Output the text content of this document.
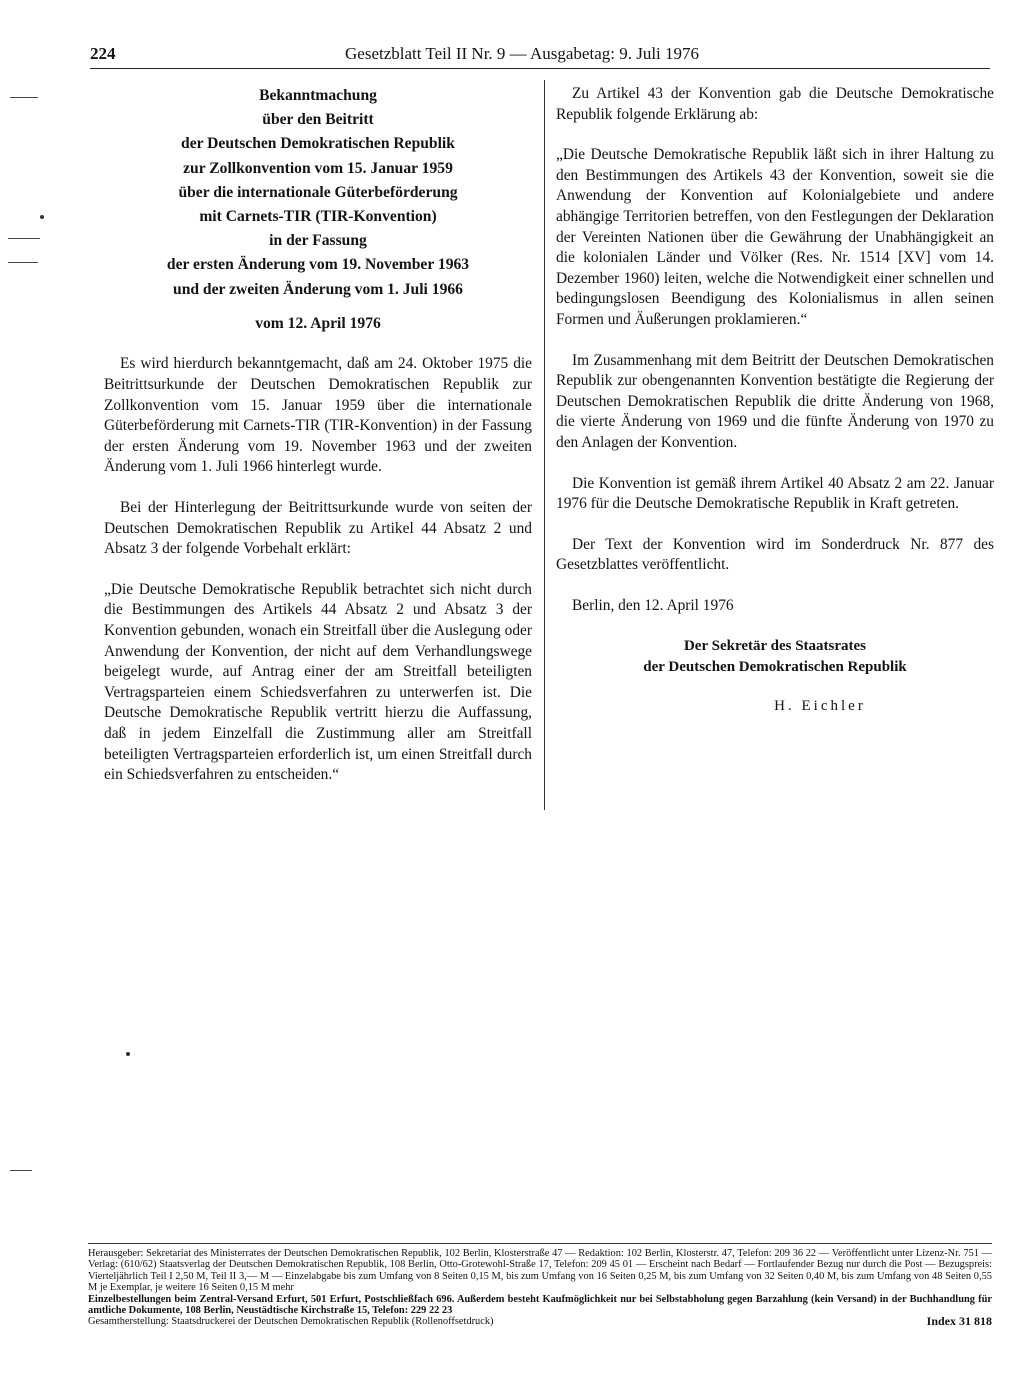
224	Gesetzblatt Teil II Nr. 9 — Ausgabetag: 9. Juli 1976
Bekanntmachung
über den Beitritt
der Deutschen Demokratischen Republik
zur Zollkonvention vom 15. Januar 1959
über die internationale Güterbeförderung
mit Carnets-TIR (TIR-Konvention)
in der Fassung
der ersten Änderung vom 19. November 1963
und der zweiten Änderung vom 1. Juli 1966
vom 12. April 1976

Es wird hierdurch bekanntgemacht, daß am 24. Oktober 1975 die Beitrittsurkunde der Deutschen Demokratischen Republik zur Zollkonvention vom 15. Januar 1959 über die internationale Güterbeförderung mit Carnets-TIR (TIR-Konvention) in der Fassung der ersten Änderung vom 19. November 1963 und der zweiten Änderung vom 1. Juli 1966 hinterlegt wurde.

Bei der Hinterlegung der Beitrittsurkunde wurde von seiten der Deutschen Demokratischen Republik zu Artikel 44 Absatz 2 und Absatz 3 der folgende Vorbehalt erklärt:

„Die Deutsche Demokratische Republik betrachtet sich nicht durch die Bestimmungen des Artikels 44 Absatz 2 und Absatz 3 der Konvention gebunden, wonach ein Streitfall über die Auslegung oder Anwendung der Konvention, der nicht auf dem Verhandlungswege beigelegt wurde, auf Antrag einer der am Streitfall beteiligten Vertragsparteien einem Schiedsverfahren zu unterwerfen ist. Die Deutsche Demokratische Republik vertritt hierzu die Auffassung, daß in jedem Einzelfall die Zustimmung aller am Streitfall beteiligten Vertragsparteien erforderlich ist, um einen Streitfall durch ein Schiedsverfahren zu entscheiden.“

Zu Artikel 43 der Konvention gab die Deutsche Demokratische Republik folgende Erklärung ab:

„Die Deutsche Demokratische Republik läßt sich in ihrer Haltung zu den Bestimmungen des Artikels 43 der Konvention, soweit sie die Anwendung der Konvention auf Kolonialgebiete und andere abhängige Territorien betreffen, von den Festlegungen der Deklaration der Vereinten Nationen über die Gewährung der Unabhängigkeit an die kolonialen Länder und Völker (Res. Nr. 1514 [XV] vom 14. Dezember 1960) leiten, welche die Notwendigkeit einer schnellen und bedingungslosen Beendigung des Kolonialismus in allen seinen Formen und Äußerungen proklamieren.“

Im Zusammenhang mit dem Beitritt der Deutschen Demokratischen Republik zur obengenannten Konvention bestätigte die Regierung der Deutschen Demokratischen Republik die dritte Änderung von 1968, die vierte Änderung von 1969 und die fünfte Änderung von 1970 zu den Anlagen der Konvention.

Die Konvention ist gemäß ihrem Artikel 40 Absatz 2 am 22. Januar 1976 für die Deutsche Demokratische Republik in Kraft getreten.

Der Text der Konvention wird im Sonderdruck Nr. 877 des Gesetzblattes veröffentlicht.

Berlin, den 12. April 1976

Der Sekretär des Staatsrates
der Deutschen Demokratischen Republik
H. Eichler

Herausgeber: Sekretariat des Ministerrates der Deutschen Demokratischen Republik, 102 Berlin, Klosterstraße 47 — Redaktion: 102 Berlin, Klosterstr. 47, Telefon: 209 36 22 — Veröffentlicht unter Lizenz-Nr. 751 — Verlag: (610/62) Staatsverlag der Deutschen Demokratischen Republik, 108 Berlin, Otto-Grotewohl-Straße 17, Telefon: 209 45 01 — Erscheint nach Bedarf — Fortlaufender Bezug nur durch die Post — Bezugspreis: Vierteljährlich Teil I 2,50 M, Teil II 3,— M — Einzelabgabe bis zum Umfang von 8 Seiten 0,15 M, bis zum Umfang von 16 Seiten 0,25 M, bis zum Umfang von 32 Seiten 0,40 M, bis zum Umfang von 48 Seiten 0,55 M je Exemplar, je weitere 16 Seiten 0,15 M mehr

Einzelbestellungen beim Zentral-Versand Erfurt, 501 Erfurt, Postschließfach 696. Außerdem besteht Kaufmöglichkeit nur bei Selbstabholung gegen Barzahlung (kein Versand) in der Buchhandlung für amtliche Dokumente, 108 Berlin, Neustädtische Kirchstraße 15, Telefon: 229 22 23

Gesamtherstellung: Staatsdruckerei der Deutschen Demokratischen Republik (Rollenoffsetdruck)	Index 31 818
